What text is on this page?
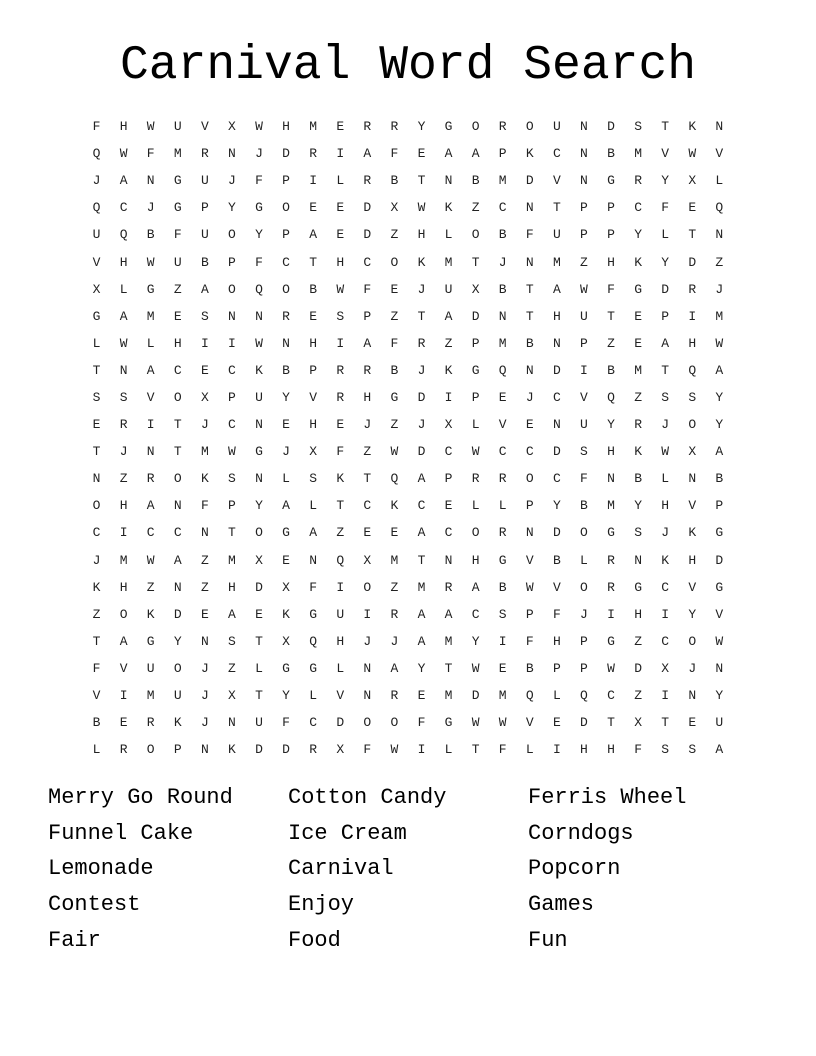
Carnival Word Search
F	H	W	U	V	X	W	H	M	E	R	R	Y	G	O	R	O	U	N	D	S	T	K	N
Q	W	F	M	R	N	J	D	R	I	A	F	E	A	A	P	K	C	N	B	M	V	W	V
J	A	N	G	U	J	F	P	I	L	R	B	T	N	B	M	D	V	N	G	R	Y	X	L
Q	C	J	G	P	Y	G	O	E	E	D	X	W	K	Z	C	N	T	P	P	C	F	E	Q
U	Q	B	F	U	O	Y	P	A	E	D	Z	H	L	O	B	F	U	P	P	Y	L	T	N
V	H	W	U	B	P	F	C	T	H	C	O	K	M	T	J	N	M	Z	H	K	Y	D	Z
X	L	G	Z	A	O	Q	O	B	W	F	E	J	U	X	B	T	A	W	F	G	D	R	J
G	A	M	E	S	N	N	R	E	S	P	Z	T	A	D	N	T	H	U	T	E	P	I	M
L	W	L	H	I	I	W	N	H	I	A	F	R	Z	P	M	B	N	P	Z	E	A	H	W
T	N	A	C	E	C	K	B	P	R	R	B	J	K	G	Q	N	D	I	B	M	T	Q	A
S	S	V	O	X	P	U	Y	V	R	H	G	D	I	P	E	J	C	V	Q	Z	S	S	Y
E	R	I	T	J	C	N	E	H	E	J	Z	J	X	L	V	E	N	U	Y	R	J	O	Y
T	J	N	T	M	W	G	J	X	F	Z	W	D	C	W	C	C	D	S	H	K	W	X	A
N	Z	R	O	K	S	N	L	S	K	T	Q	A	P	R	R	O	C	F	N	B	L	N	B
O	H	A	N	F	P	Y	A	L	T	C	K	C	E	L	L	P	Y	B	M	Y	H	V	P
C	I	C	C	N	T	O	G	A	Z	E	E	A	C	O	R	N	D	O	G	S	J	K	G
J	M	W	A	Z	M	X	E	N	Q	X	M	T	N	H	G	V	B	L	R	N	K	H	D
K	H	Z	N	Z	H	D	X	F	I	O	Z	M	R	A	B	W	V	O	R	G	C	V	G
Z	O	K	D	E	A	E	K	G	U	I	R	A	A	C	S	P	F	J	I	H	I	Y	V
T	A	G	Y	N	S	T	X	Q	H	J	J	A	M	Y	I	F	H	P	G	Z	C	O	W
F	V	U	O	J	Z	L	G	G	L	N	A	Y	T	W	E	B	P	P	W	D	X	J	N
V	I	M	U	J	X	T	Y	L	V	N	R	E	M	D	M	Q	L	Q	C	Z	I	N	Y
B	E	R	K	J	N	U	F	C	D	O	O	F	G	W	W	V	E	D	T	X	T	E	U
L	R	O	P	N	K	D	D	R	X	F	W	I	L	T	F	L	I	H	H	F	S	S	A
Merry Go Round	Cotton Candy	Ferris Wheel
Funnel Cake	Ice Cream	Corndogs
Lemonade	Carnival	Popcorn
Contest	Enjoy	Games
Fair	Food	Fun
